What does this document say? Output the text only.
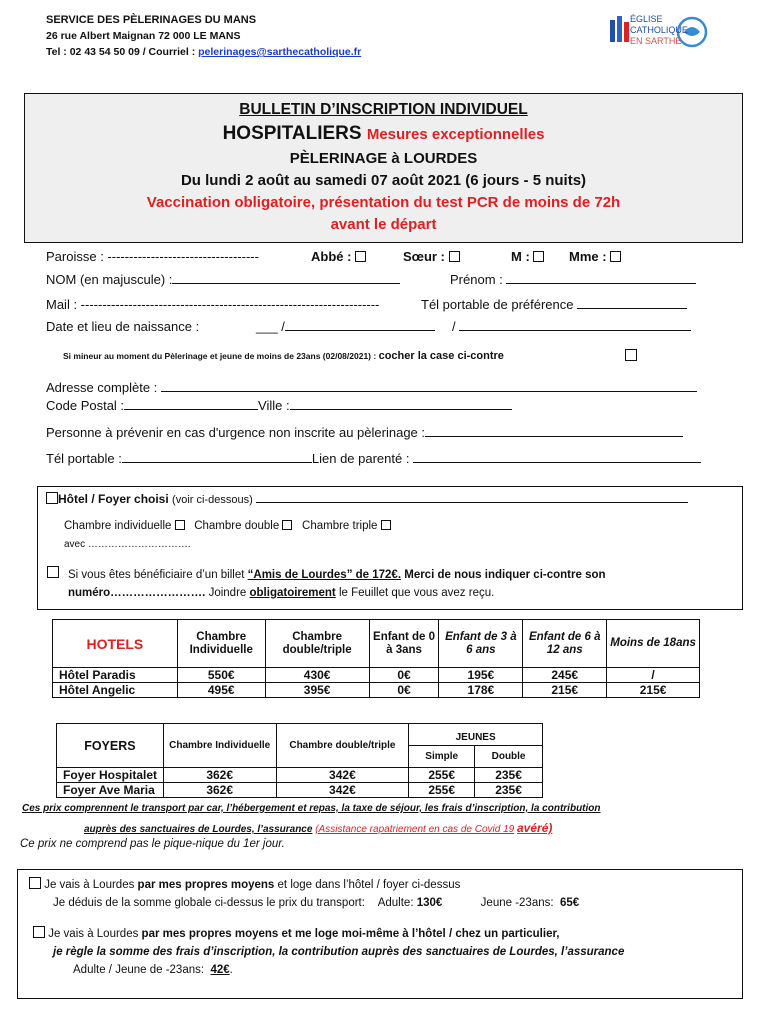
SERVICE DES PÈLERINAGES DU MANS
26 rue Albert Maignan 72 000 LE MANS
Tel : 02 43 54 50 09 / Courriel : pelerinages@sarthecatholique.fr
ÉGLISE
CATHOLIQUE
EN SARTHE
BULLETIN D’INSCRIPTION INDIVIDUEL
HOSPITALIERS Mesures exceptionnelles
PÈLERINAGE à LOURDES
Du lundi 2 août au samedi 07 août 2021 (6 jours - 5 nuits)
Vaccination obligatoire, présentation du test PCR de moins de 72h
avant le départ
Paroisse : -----------------------------------	Abbé :	Sœur :	M :	Mme :
NOM (en majuscule) :	Prénom :
Mail : ---------------------------------------------------------------------	Tél portable de préférence
Date et lieu de naissance :	___ /	/
Si mineur au moment du Pèlerinage et jeune de moins de 23ans (02/08/2021) : cocher la case ci-contre
Adresse complète :
Code Postal :	Ville :
Personne à prévenir en cas d'urgence non inscrite au pèlerinage :
Tél portable :	Lien de parenté :
Hôtel / Foyer choisi (voir ci-dessous)
Chambre individuelle Chambre double Chambre triple
avec ………………………….
Si vous êtes bénéficiaire d’un billet “Amis de Lourdes” de 172€. Merci de nous indiquer ci-contre son
numéro……………………. Joindre obligatoirement le Feuillet que vous avez reçu.
HOTELS	Chambre Individuelle	Chambre double/triple	Enfant de 0 à 3ans	Enfant de 3 à 6 ans	Enfant de 6 à 12 ans	Moins de 18ans
Hôtel Paradis	550€	430€	0€	195€	245€	/
Hôtel Angelic	495€	395€	0€	178€	215€	215€
FOYERS	Chambre Individuelle	Chambre double/triple	JEUNES	
			Simple	Double
Foyer Hospitalet	362€	342€	255€	235€
Foyer Ave Maria	362€	342€	255€	235€
Ces prix comprennent le transport par car, l’hébergement et repas, la taxe de séjour, les frais d’inscription, la contribution
auprès des sanctuaires de Lourdes, l’assurance (Assistance rapatriement en cas de Covid 19 avéré)
Ce prix ne comprend pas le pique-nique du 1er jour.
Je vais à Lourdes par mes propres moyens et loge dans l’hôtel / foyer ci-dessus
Je déduis de la somme globale ci-dessus le prix du transport: Adulte: 130€	Jeune -23ans: 65€
Je vais à Lourdes par mes propres moyens et me loge moi-même à l’hôtel / chez un particulier,
je règle la somme des frais d’inscription, la contribution auprès des sanctuaires de Lourdes, l’assurance
Adulte / Jeune de -23ans: 42€.
